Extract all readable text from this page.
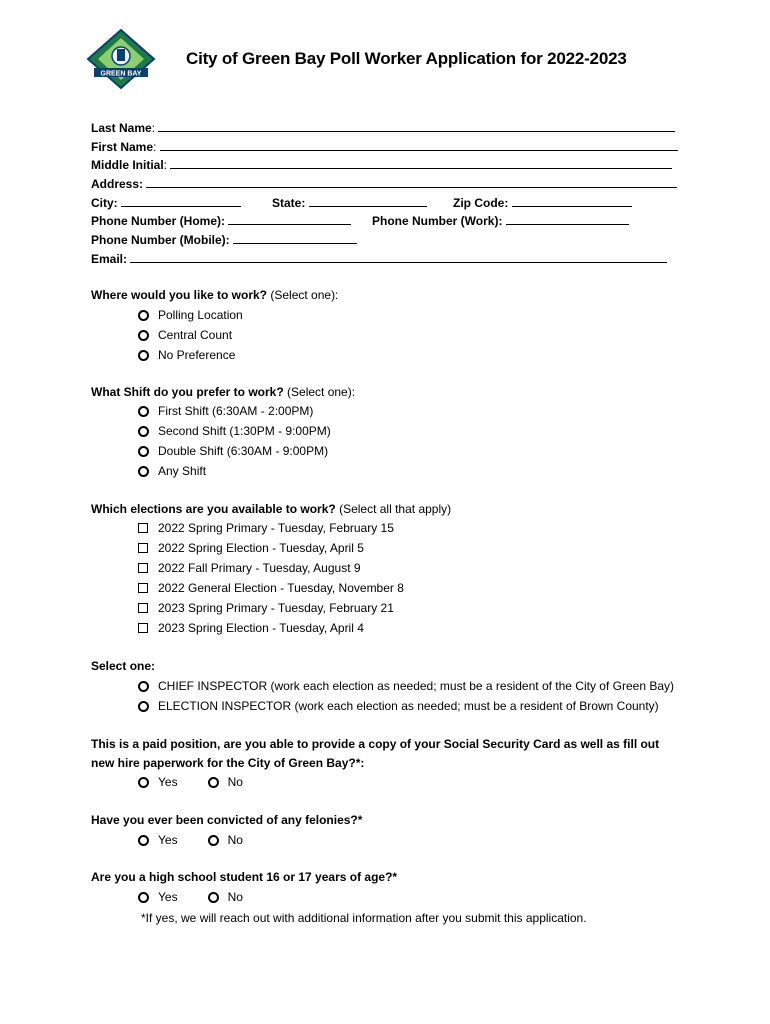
GREEN BAY
City of Green Bay Poll Worker Application for 2022-2023
Last Name:
First Name:
Middle Initial:
Address:
City:	State:	Zip Code:
Phone Number (Home):	Phone Number (Work):
Phone Number (Mobile):
Email:
Where would you like to work? (Select one):
Polling Location
Central Count
No Preference
What Shift do you prefer to work? (Select one):
First Shift (6:30AM - 2:00PM)
Second Shift (1:30PM - 9:00PM)
Double Shift (6:30AM - 9:00PM)
Any Shift
Which elections are you available to work? (Select all that apply)
2022 Spring Primary - Tuesday, February 15
2022 Spring Election - Tuesday, April 5
2022 Fall Primary - Tuesday, August 9
2022 General Election - Tuesday, November 8
2023 Spring Primary - Tuesday, February 21
2023 Spring Election - Tuesday, April 4
Select one:
CHIEF INSPECTOR (work each election as needed; must be a resident of the City of Green Bay)
ELECTION INSPECTOR (work each election as needed; must be a resident of Brown County)
This is a paid position, are you able to provide a copy of your Social Security Card as well as fill out
new hire paperwork for the City of Green Bay?*:
Yes	No
Have you ever been convicted of any felonies?*
Yes	No
Are you a high school student 16 or 17 years of age?*
Yes	No
*If yes, we will reach out with additional information after you submit this application.
